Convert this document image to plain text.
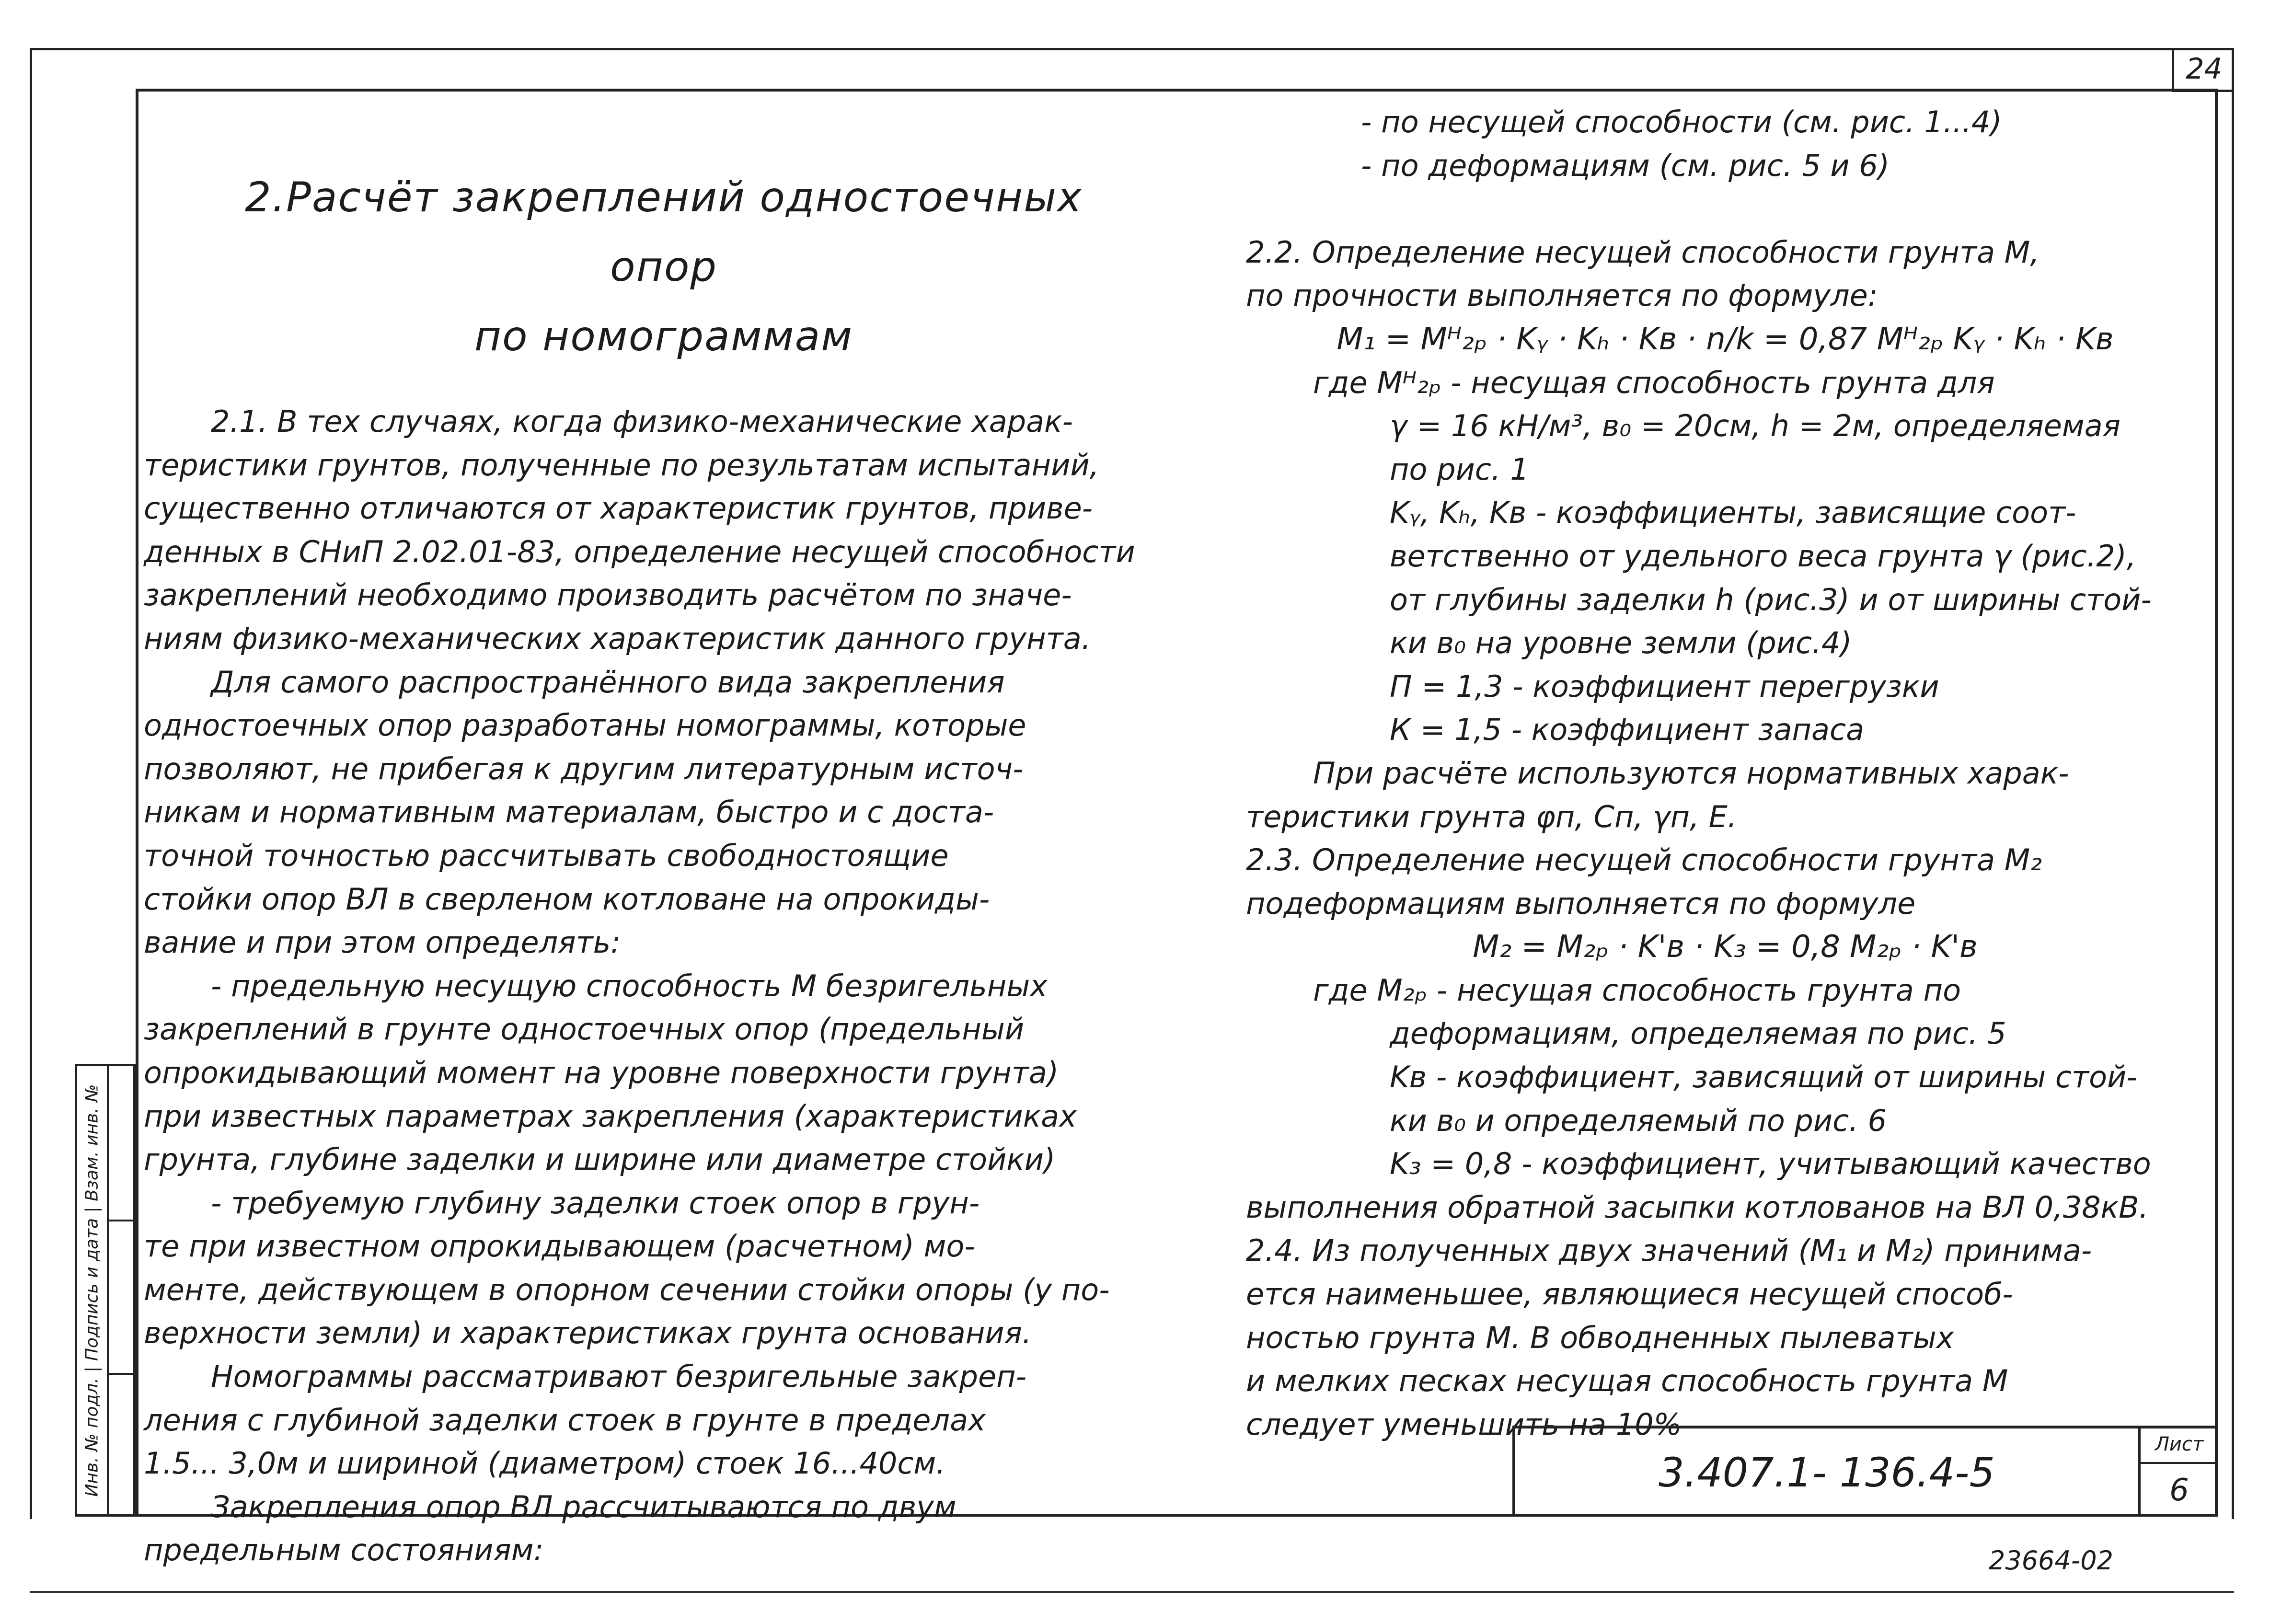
24
Инв. № подл. | Подпись и дата | Взам. инв. №
2.Расчёт закреплений одностоечных опор
по номограммам
2.1. В тех случаях, когда физико-механические харак-
теристики грунтов, полученные по результатам испытаний,
существенно отличаются от характеристик грунтов, приве-
денных в СНиП 2.02.01-83, определение несущей способности
закреплений необходимо производить расчётом по значе-
ниям физико-механических характеристик данного грунта.
Для самого распространённого вида закрепления
одностоечных опор разработаны номограммы, которые
позволяют, не прибегая к другим литературным источ-
никам и нормативным материалам, быстро и с доста-
точной точностью рассчитывать свободностоящие
стойки опор ВЛ в сверленом котловане на опрокиды-
вание и при этом определять:
- предельную несущую способность М безригельных
закреплений в грунте одностоечных опор (предельный
опрокидывающий момент на уровне поверхности грунта)
при известных параметрах закрепления (характеристиках
грунта, глубине заделки и ширине или диаметре стойки)
- требуемую глубину заделки стоек опор в грун-
те при известном опрокидывающем (расчетном) мо-
менте, действующем в опорном сечении стойки опоры (у по-
верхности земли) и характеристиках грунта основания.
Номограммы рассматривают безригельные закреп-
ления с глубиной заделки стоек в грунте в пределах
1.5... 3,0м и шириной (диаметром) стоек 16...40см.
Закрепления опор ВЛ рассчитываются по двум
предельным состояниям:
- по несущей способности (см. рис. 1...4)
- по деформациям (см. рис. 5 и 6)

2.2. Определение несущей способности грунта М,
по прочности выполняется по формуле:
M₁ = Mᴴ₂ₚ · Kᵧ · Kₕ · Kв · n/k = 0,87 Mᴴ₂ₚ Kᵧ · Kₕ · Kв
где Mᴴ₂ₚ - несущая способность грунта для
γ = 16 кН/м³, в₀ = 20см, h = 2м, определяемая
по рис. 1
Kᵧ, Kₕ, Kв - коэффициенты, зависящие соот-
ветственно от удельного веса грунта γ (рис.2),
от глубины заделки h (рис.3) и от ширины стой-
ки в₀ на уровне земли (рис.4)
П = 1,3 - коэффициент перегрузки
К = 1,5 - коэффициент запаса
При расчёте используются нормативных харак-
теристики грунта φп, Сп, γп, Е.
2.3. Определение несущей способности грунта М₂
подеформациям выполняется по формуле
M₂ = M₂ₚ · K'в · K₃ = 0,8 M₂ₚ · K'в
где M₂ₚ - несущая способность грунта по
деформациям, определяемая по рис. 5
Kв - коэффициент, зависящий от ширины стой-
ки в₀ и определяемый по рис. 6
K₃ = 0,8 - коэффициент, учитывающий качество
выполнения обратной засыпки котлованов на ВЛ 0,38кВ.
2.4. Из полученных двух значений (M₁ и M₂) принима-
ется наименьшее, являющиеся несущей способ-
ностью грунта М. В обводненных пылеватых
и мелких песках несущая способность грунта М
следует уменьшить на 10%
3.407.1- 136.4-5
Лист
6
23664-02
